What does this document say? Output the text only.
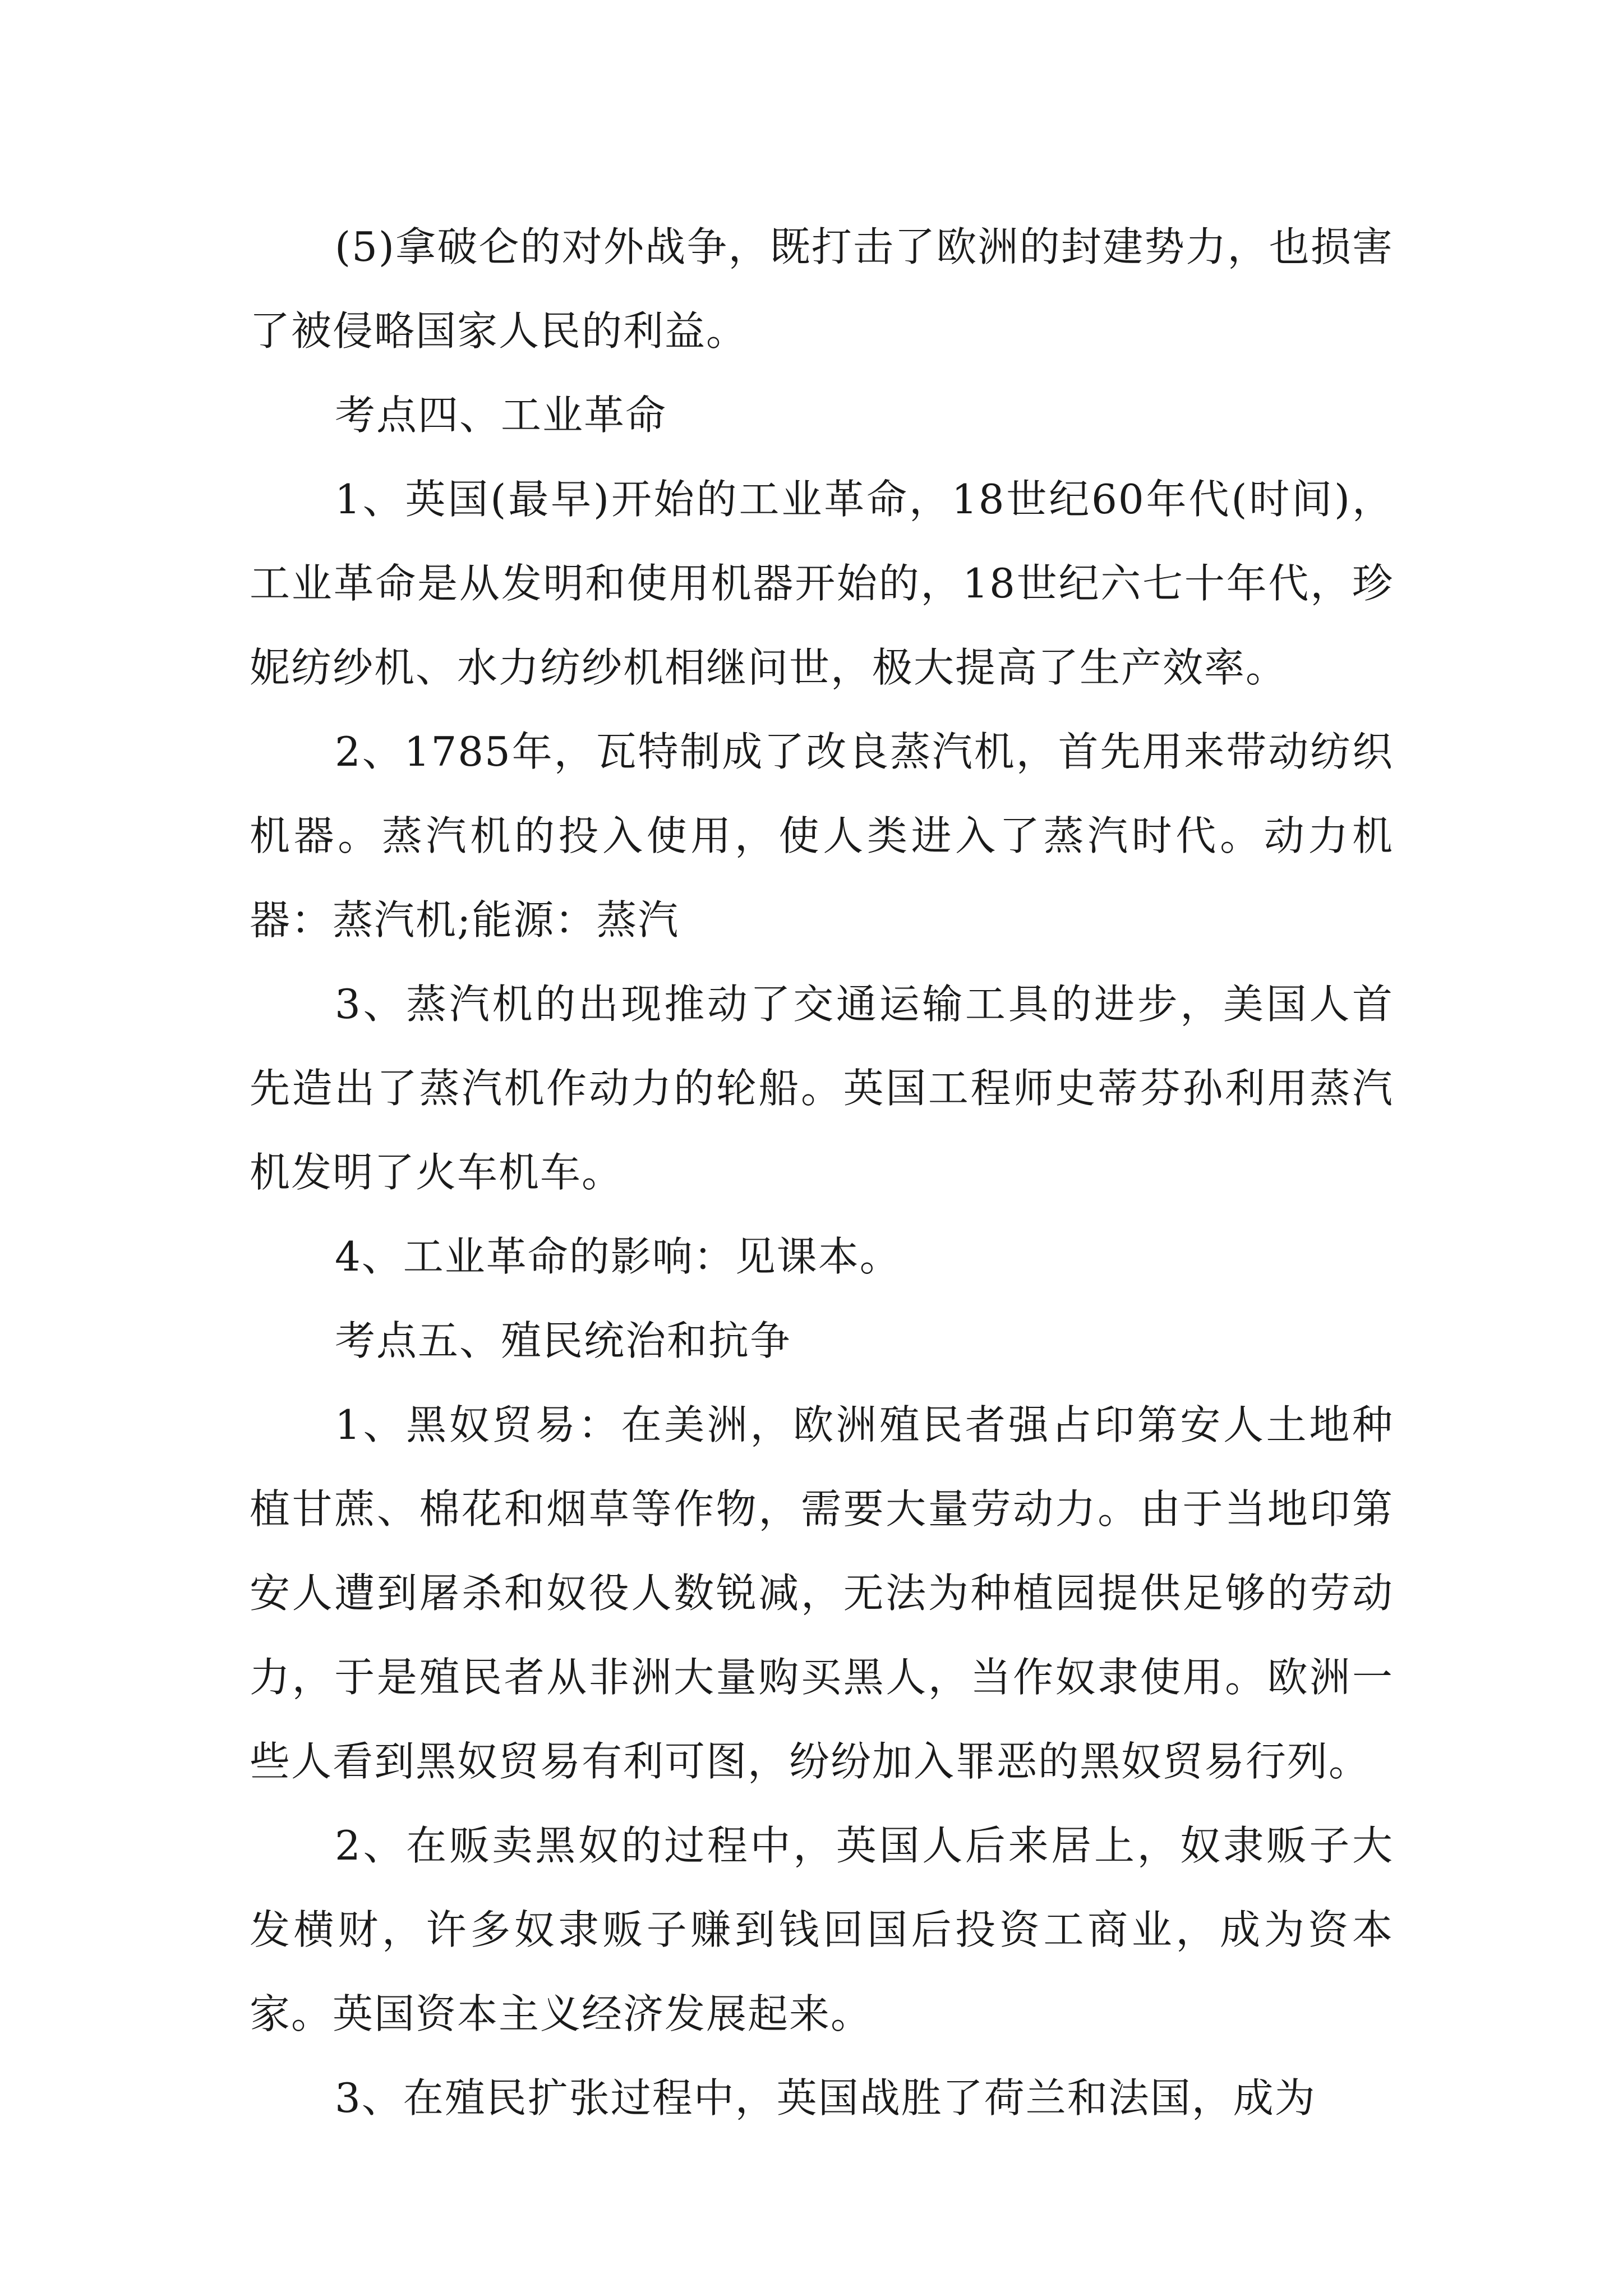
(5)拿破仑的对外战争，既打击了欧洲的封建势力，也损害了被侵略国家人民的利益。

考点四、工业革命

1、英国(最早)开始的工业革命，18世纪60年代(时间)，工业革命是从发明和使用机器开始的，18世纪六七十年代，珍妮纺纱机、水力纺纱机相继问世，极大提高了生产效率。

2、1785年，瓦特制成了改良蒸汽机，首先用来带动纺织机器。蒸汽机的投入使用，使人类进入了蒸汽时代。动力机器：蒸汽机;能源：蒸汽

3、蒸汽机的出现推动了交通运输工具的进步，美国人首先造出了蒸汽机作动力的轮船。英国工程师史蒂芬孙利用蒸汽机发明了火车机车。

4、工业革命的影响：见课本。

考点五、殖民统治和抗争

1、黑奴贸易：在美洲，欧洲殖民者强占印第安人土地种植甘蔗、棉花和烟草等作物，需要大量劳动力。由于当地印第安人遭到屠杀和奴役人数锐减，无法为种植园提供足够的劳动力，于是殖民者从非洲大量购买黑人，当作奴隶使用。欧洲一些人看到黑奴贸易有利可图，纷纷加入罪恶的黑奴贸易行列。

2、在贩卖黑奴的过程中，英国人后来居上，奴隶贩子大发横财，许多奴隶贩子赚到钱回国后投资工商业，成为资本家。英国资本主义经济发展起来。

3、在殖民扩张过程中，英国战胜了荷兰和法国，成为
